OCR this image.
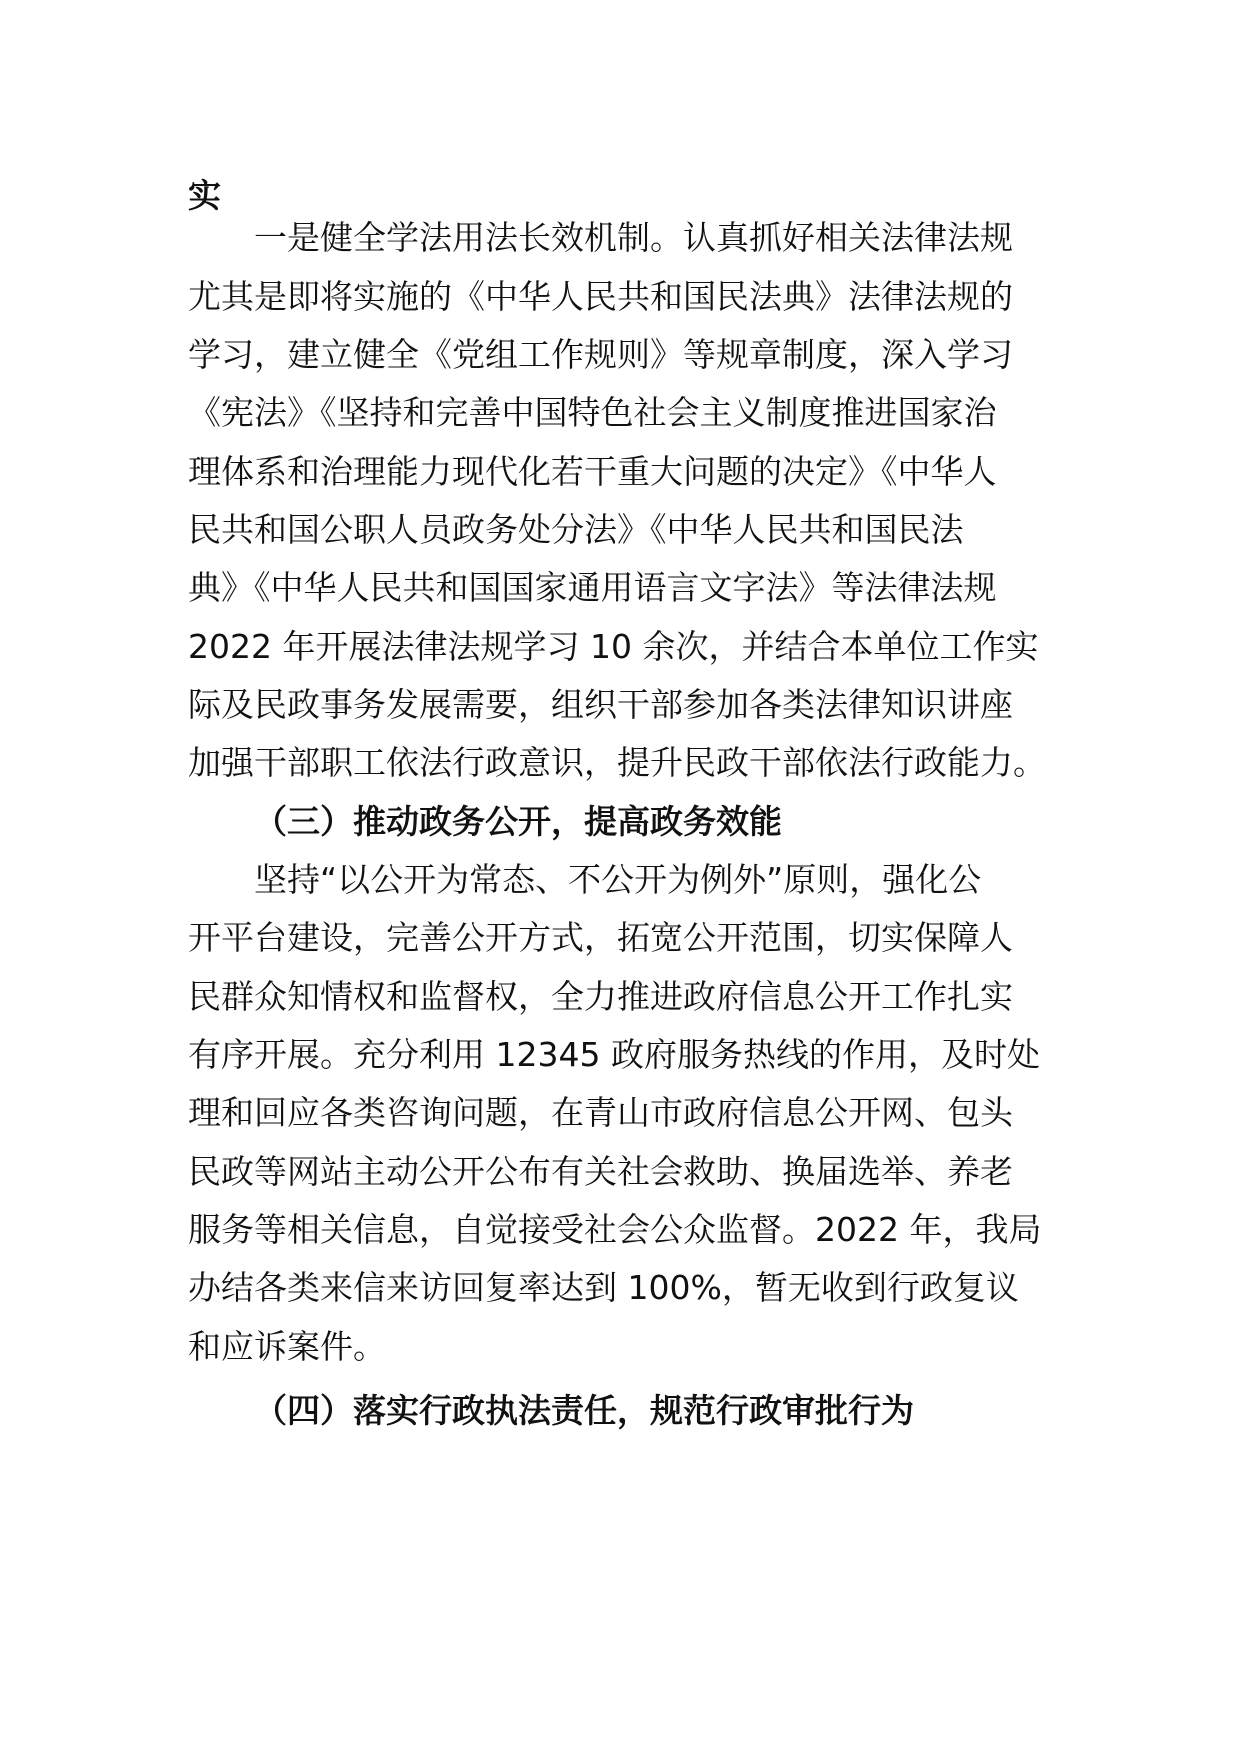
实
一是健全学法用法长效机制。认真抓好相关法律法规
尤其是即将实施的《中华人民共和国民法典》法律法规的
学习，建立健全《党组工作规则》等规章制度，深入学习
《宪法》《坚持和完善中国特色社会主义制度推进国家治
理体系和治理能力现代化若干重大问题的决定》《中华人
民共和国公职人员政务处分法》《中华人民共和国民法
典》《中华人民共和国国家通用语言文字法》等法律法规
2022 年开展法律法规学习 10 余次，并结合本单位工作实
际及民政事务发展需要，组织干部参加各类法律知识讲座
加强干部职工依法行政意识，提升民政干部依法行政能力。
（三）推动政务公开，提高政务效能
坚持“以公开为常态、不公开为例外”原则，强化公
开平台建设，完善公开方式，拓宽公开范围，切实保障人
民群众知情权和监督权，全力推进政府信息公开工作扎实
有序开展。充分利用 12345 政府服务热线的作用，及时处
理和回应各类咨询问题，在青山市政府信息公开网、包头
民政等网站主动公开公布有关社会救助、换届选举、养老
服务等相关信息，自觉接受社会公众监督。2022 年，我局
办结各类来信来访回复率达到 100%，暂无收到行政复议
和应诉案件。
（四）落实行政执法责任，规范行政审批行为
